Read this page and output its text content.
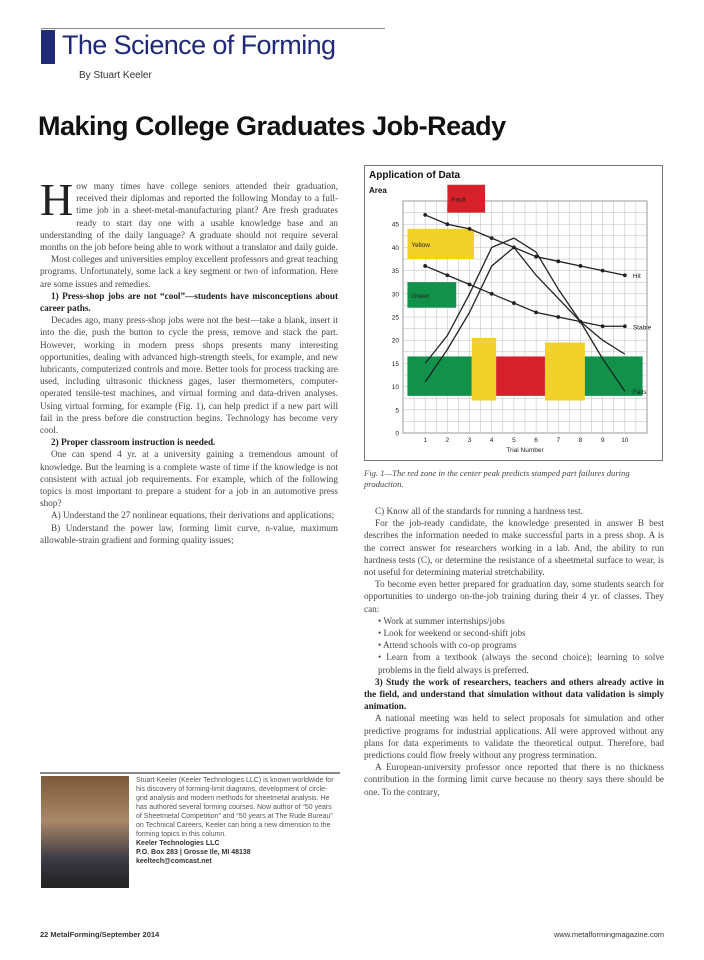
The Science of Forming
By Stuart Keeler
Making College Graduates Job-Ready

How many times have college seniors attended their graduation, received their diplomas and reported the following Monday to a full-time job in a sheet-metal-manufacturing plant? Are fresh graduates ready to start day one with a usable knowledge base and an understanding of the daily language? A graduate should not require several months on the job before being able to work without a translator and daily guide.

Most colleges and universities employ excellent professors and great teaching programs. Unfortunately, some lack a key segment or two of information. Here are some issues and remedies.

1) Press-shop jobs are not “cool”—students have misconceptions about career paths.

Decades ago, many press-shop jobs were not the best—take a blank, insert it into the die, push the button to cycle the press, remove and stack the part. However, working in modern press shops presents many interesting opportunities, dealing with advanced high-strength steels, for example, and new lubricants, computerized controls and more. Better tools for process tracking are used, including ultrasonic thickness gages, laser thermometers, computer-operated tensile-test machines, and virtual forming and data-driven analyses. Using virtual forming, for example (Fig. 1), can help predict if a new part will fail in the press before die construction begins. Technology has become very cool.

2) Proper classroom instruction is needed.

One can spend 4 yr. at a university gaining a tremendous amount of knowledge. But the learning is a complete waste of time if the knowledge is not consistent with actual job requirements. For example, which of the following topics is most important to prepare a student for a job in an automotive press shop?

A) Understand the 27 nonlinear equations, their derivations and applications;

B) Understand the power law, forming limit curve, n-value, maximum allowable-strain gradient and forming quality issues;

Application of Data
Area
Fault
Yellow
Green
Hit
Stable
Fails
0
5
10
15
20
25
30
35
40
45
1	2	3	4	5	6	7	8	9	10
Trial Number
Fig. 1—The red zone in the center peak predicts stamped part failures during production.

C) Know all of the standards for running a hardness test.

For the job-ready candidate, the knowledge presented in answer B best describes the information needed to make successful parts in a press shop. A is the correct answer for researchers working in a lab. And, the ability to run hardness tests (C), or determine the resistance of a sheetmetal surface to wear, is not useful for determining material stretchability.

To become even better prepared for graduation day, some students search for opportunities to undergo on-the-job training during their 4 yr. of classes. They can:

• Work at summer internships/jobs

• Look for weekend or second-shift jobs

• Attend schools with co-op programs

• Learn from a textbook (always the second choice); learning to solve problems in the field always is preferred.

3) Study the work of researchers, teachers and others already active in the field, and understand that simulation without data validation is simply animation.

A national meeting was held to select proposals for simulation and other predictive programs for industrial applications. All were approved without any plans for data experiments to validate the theoretical output. Therefore, bad predictions could flow freely without any progress termination.

A European-university professor once reported that there is no thickness contribution in the forming limit curve because no theory says there should be one. To the contrary,

Stuart Keeler (Keeler Technologies LLC) is known worldwide for his discovery of forming-limit diagrams, development of circle-grid analysis and modern methods for sheetmetal analysis. He has authored several forming courses. Now author of “50 years of Sheetmetal Competition” and “50 years at The Rude Bureau” on Technical Careers, Keeler can bring a new dimension to the forming topics in this column.
Keeler Technologies LLC
P.O. Box 283 | Grosse Ile, MI 48138
keeltech@comcast.net
22 MetalForming/September 2014	www.metalformingmagazine.com
